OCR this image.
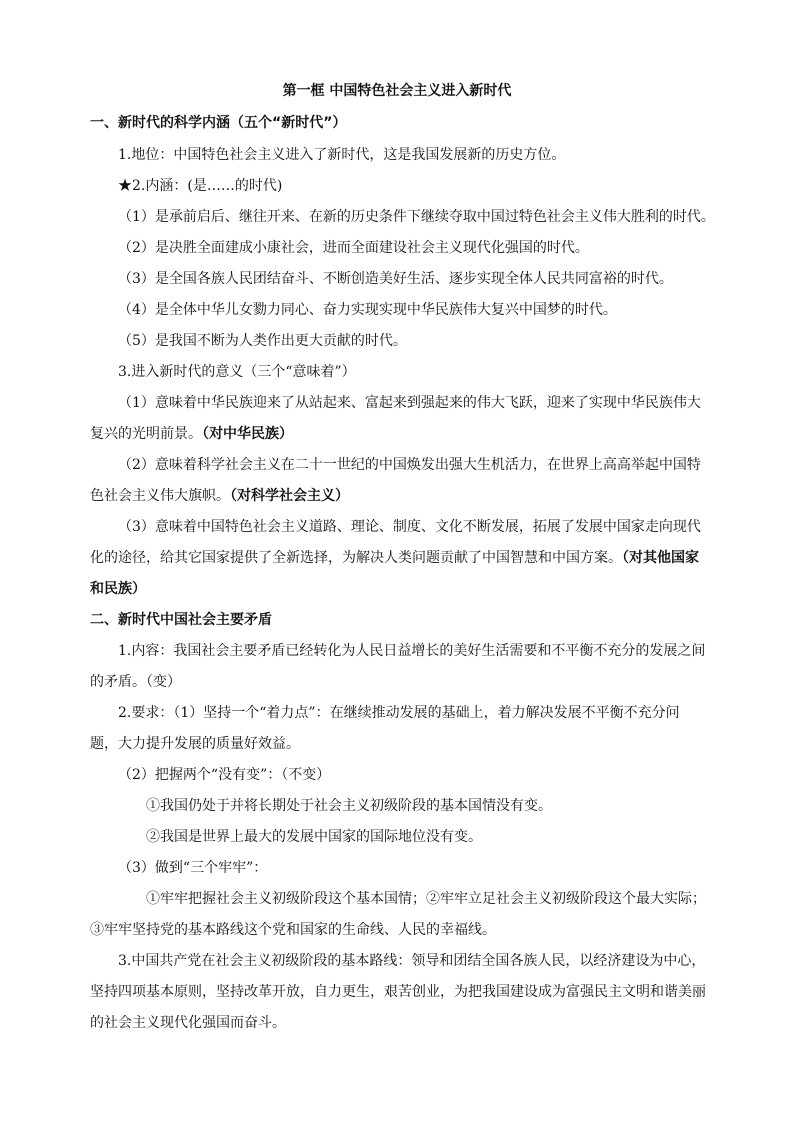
第一框 中国特色社会主义进入新时代
一、新时代的科学内涵（五个“新时代”）
1.地位：中国特色社会主义进入了新时代，这是我国发展新的历史方位。
★2.内涵：(是……的时代)
（1）是承前启后、继往开来、在新的历史条件下继续夺取中国过特色社会主义伟大胜利的时代。
（2）是决胜全面建成小康社会，进而全面建设社会主义现代化强国的时代。
（3）是全国各族人民团结奋斗、不断创造美好生活、逐步实现全体人民共同富裕的时代。
（4）是全体中华儿女勠力同心、奋力实现实现中华民族伟大复兴中国梦的时代。
（5）是我国不断为人类作出更大贡献的时代。
3.进入新时代的意义（三个“意味着”）
（1）意味着中华民族迎来了从站起来、富起来到强起来的伟大飞跃，迎来了实现中华民族伟大
复兴的光明前景。（对中华民族）
（2）意味着科学社会主义在二十一世纪的中国焕发出强大生机活力，在世界上高高举起中国特
色社会主义伟大旗帜。（对科学社会主义）
（3）意味着中国特色社会主义道路、理论、制度、文化不断发展，拓展了发展中国家走向现代
化的途径，给其它国家提供了全新选择，为解决人类问题贡献了中国智慧和中国方案。（对其他国家
和民族）
二、新时代中国社会主要矛盾
1.内容：我国社会主要矛盾已经转化为人民日益增长的美好生活需要和不平衡不充分的发展之间
的矛盾。（变）
2.要求：（1）坚持一个“着力点”：在继续推动发展的基础上，着力解决发展不平衡不充分问
题，大力提升发展的质量好效益。
（2）把握两个“没有变”：（不变）
①我国仍处于并将长期处于社会主义初级阶段的基本国情没有变。
②我国是世界上最大的发展中国家的国际地位没有变。
（3）做到“三个牢牢”：
①牢牢把握社会主义初级阶段这个基本国情；②牢牢立足社会主义初级阶段这个最大实际；
③牢牢坚持党的基本路线这个党和国家的生命线、人民的幸福线。
3.中国共产党在社会主义初级阶段的基本路线：领导和团结全国各族人民，以经济建设为中心，
坚持四项基本原则，坚持改革开放，自力更生，艰苦创业，为把我国建设成为富强民主文明和谐美丽
的社会主义现代化强国而奋斗。
